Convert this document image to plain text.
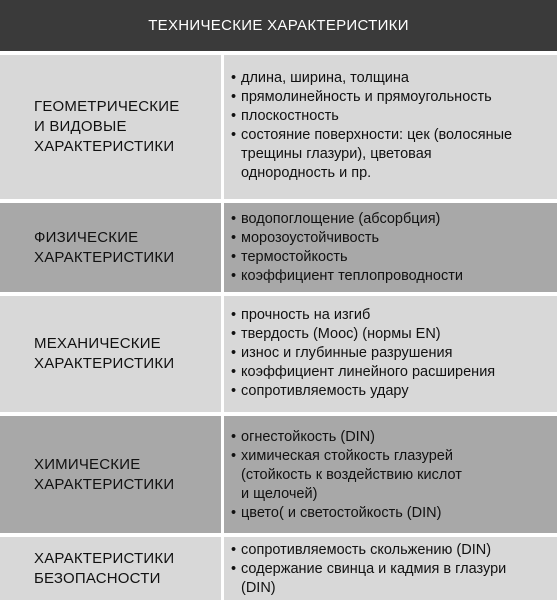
ТЕХНИЧЕСКИЕ ХАРАКТЕРИСТИКИ
ГЕОМЕТРИЧЕСКИЕ
И ВИДОВЫЕ
ХАРАКТЕРИСТИКИ
• длина, ширина, толщина
• прямолинейность и прямоугольность
• плоскостность
• состояние поверхности: цек (волосяные
трещины глазури), цветовая
однородность и пр.
ФИЗИЧЕСКИЕ
ХАРАКТЕРИСТИКИ
• водопоглощение (абсорбция)
• морозоустойчивость
• термостойкость
• коэффициент теплопроводности
МЕХАНИЧЕСКИЕ
ХАРАКТЕРИСТИКИ
• прочность на изгиб
• твердость (Моос) (нормы EN)
• износ и глубинные разрушения
• коэффициент линейного расширения
• сопротивляемость удару
ХИМИЧЕСКИЕ
ХАРАКТЕРИСТИКИ
• огнестойкость (DIN)
• химическая стойкость глазурей
(стойкость к воздействию кислот
и щелочей)
• цвето( и светостойкость (DIN)
ХАРАКТЕРИСТИКИ
БЕЗОПАСНОСТИ
• сопротивляемость скольжению (DIN)
• содержание свинца и кадмия в глазури
(DIN)
